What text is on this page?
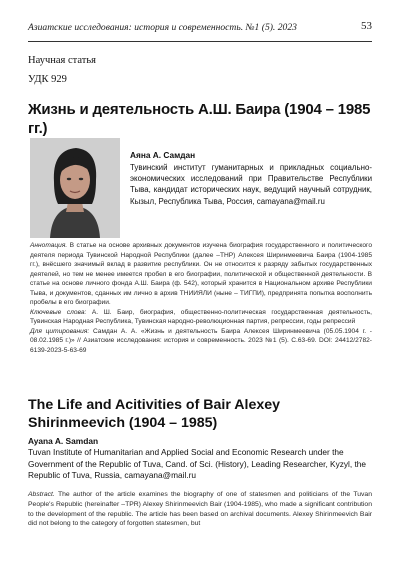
Азиатские исследования: история и современность. №1 (5). 2023	53
Научная статья
УДК 929
Жизнь и деятельность А.Ш. Баира (1904 – 1985 гг.)
Аяна А. Самдан
Тувинский институт гуманитарных и прикладных социально-экономических исследований при Правительстве Республики Тыва, кандидат исторических наук, ведущий научный сотрудник, Кызыл, Республика Тыва, Россия, camayana@mail.ru

Аннотация. В статье на основе архивных документов изучена биография государственного и политического деятеля периода Тувинской Народной Республики (далее –ТНР) Алексея Ширинмеевича Баира (1904-1985 гг.), внёсшего значимый вклад в развитие республики. Он не относится к разряду забытых государственных деятелей, но тем не менее имеется пробел в его биографии, политической и общественной деятельности. В статье на основе личного фонда А.Ш. Баира (ф. 542), который хранится в Национальном архиве Республики Тыва, и документов, сданных им лично в архив ТНИИЯЛИ (ныне – ТИГПИ), предпринята попытка восполнить пробелы в его биографии.

Ключевые слова: А. Ш. Баир, биография, общественно-политическая государственная деятельность, Тувинская Народная Республика, Тувинская народно-революционная партия, репрессии, годы репрессий

Для цитирования: Самдан А. А. «Жизнь и деятельность Баира Алексея Ширинмеевича (05.05.1904 г. - 08.02.1985 г.)» // Азиатские исследования: история и современность. 2023 №1 (5). С.63-69. DOI: 24412/2782-6139-2023-5-63-69

The Life and Acitivities of Bair Alexey Shirinmeevich (1904 – 1985)
Ayana A. Samdan
Tuvan Institute of Humanitarian and Applied Social and Economic Research under the Government of the Republic of Tuva, Cand. of Sci. (History), Leading Researcher, Kyzyl, the Republic of Tuva, Russia, camayana@mail.ru
Abstract. The author of the article examines the biography of one of statesmen and politicians of the Tuvan People's Republic (hereinafter –TPR) Alexey Shirinmeevich Bair (1904-1985), who made a significant contribution to the development of the republic. The article has been based on archival documents. Alexey Shirinmeevich Bair did not belong to the category of forgotten statesmen, but
